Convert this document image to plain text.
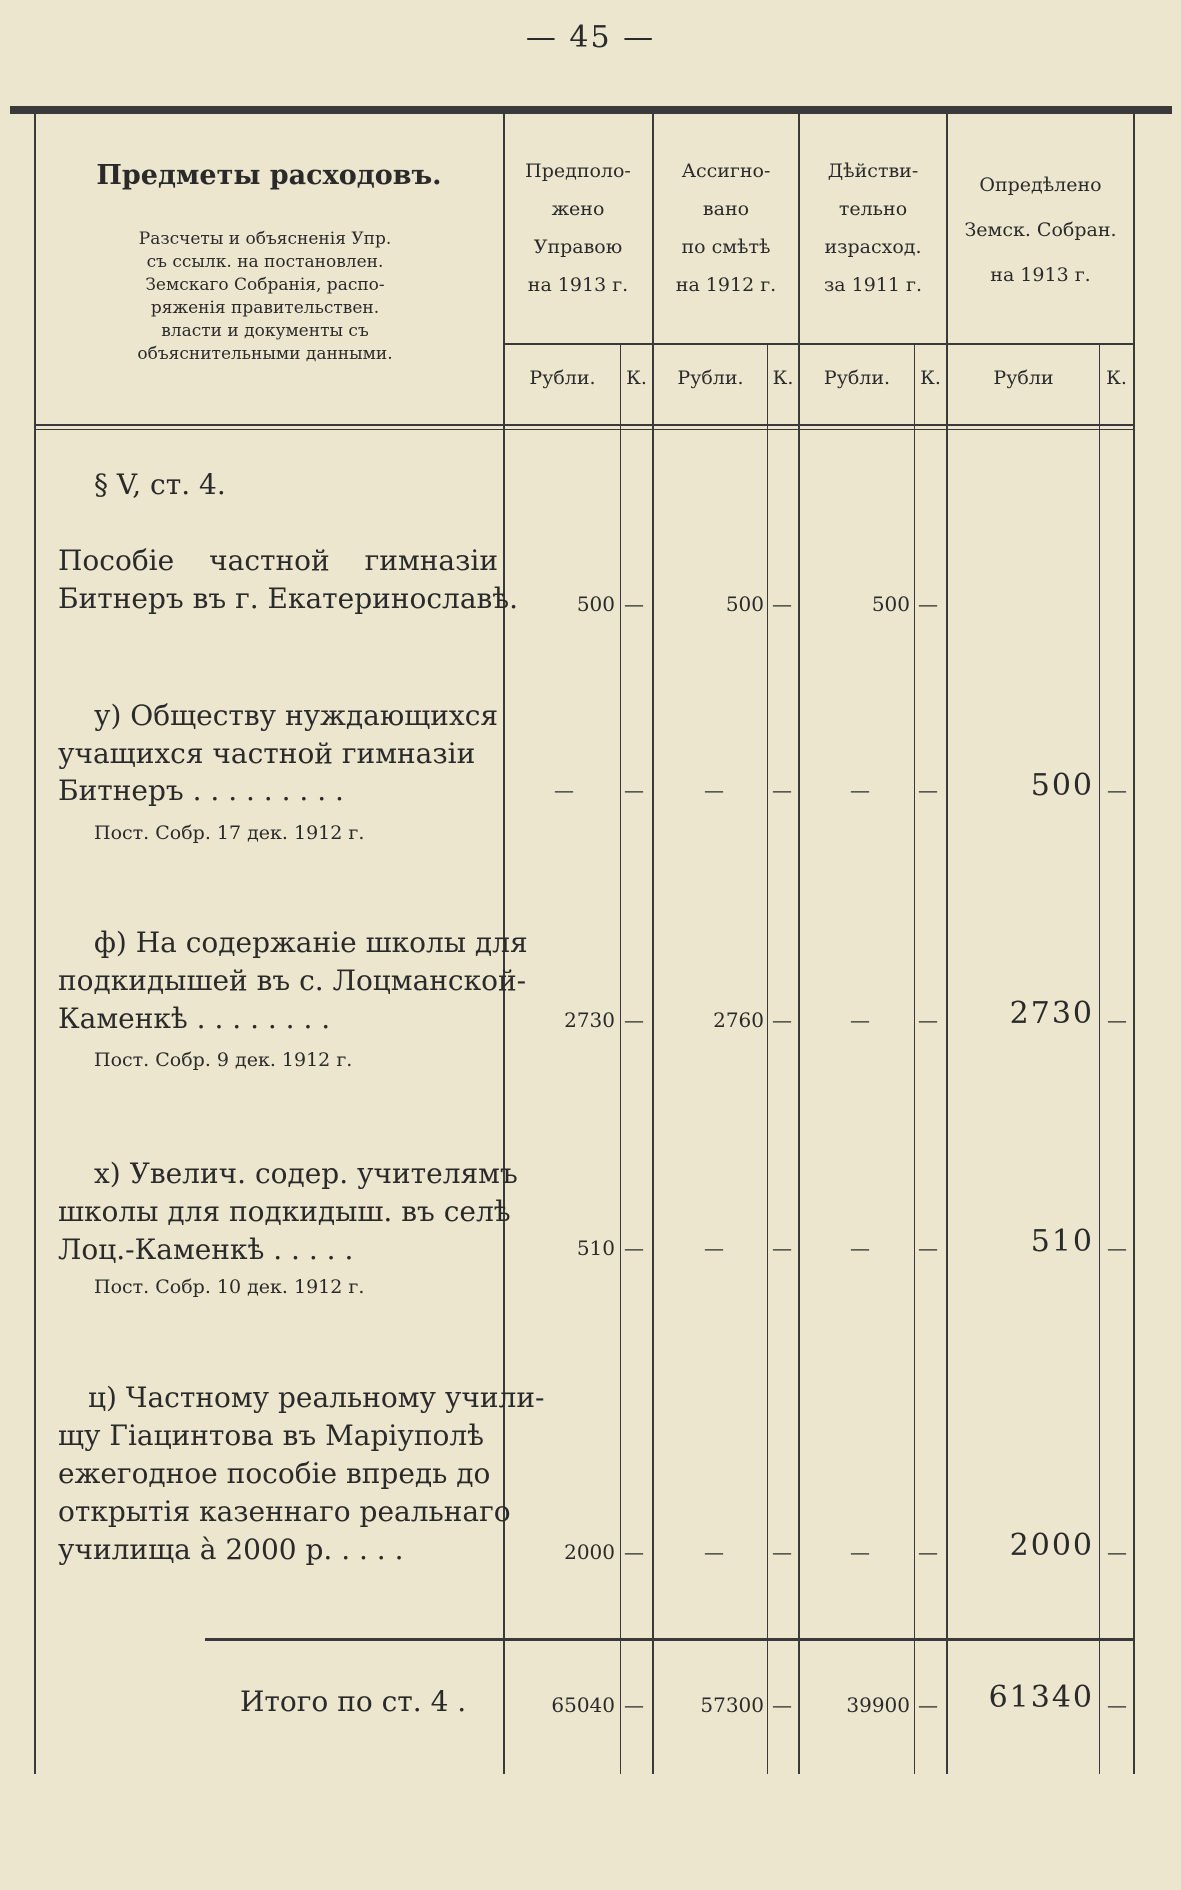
— 45 —
Предметы расходовъ.
Разсчеты и объясненія Упр.
съ ссылк. на постановлен.
Земскаго Собранія, распо-
ряженія правительствен.
власти и документы съ
объяснительными данными.
Предполо-
жено
Управою
на 1913 г.
Ассигно-
вано
по смѣтѣ
на 1912 г.
Дѣйстви-
тельно
израсход.
за 1911 г.
Опредѣлено
Земск. Собран.
на 1913 г.
Рубли.	К.	Рубли.	К.	Рубли.	К.	Рубли	К.
§ V, ст. 4.
Пособіе частной гимназіи
Битнеръ въ г. Екатеринославѣ.	500 —	500 —	500 —
у) Обществу нуждающихся
учащихся частной гимназіи
Битнеръ . . . . . . . . .
Пост. Собр. 17 дек. 1912 г.
—	—	— —	— —	500 —
ф) На содержаніе школы для
подкидышей въ с. Лоцманской-
Каменкѣ . . . . . . . .
Пост. Собр. 9 дек. 1912 г.
2730 —	2760 —	— —	2730 —
х) Увелич. содер. учителямъ
школы для подкидыш. въ селѣ
Лоц.-Каменкѣ . . . . .
Пост. Собр. 10 дек. 1912 г.
510 —	— —	— —	510 —
ц) Частному реальному учили-
щу Гіацинтова въ Маріуполѣ
ежегодное пособіе впредь до
открытія казеннаго реальнаго
училища à 2000 р. . . . .	2000 —	— —	— —	2000 —
Итого по ст. 4 .	65040 —	57300 —	39900 —	61340 —
